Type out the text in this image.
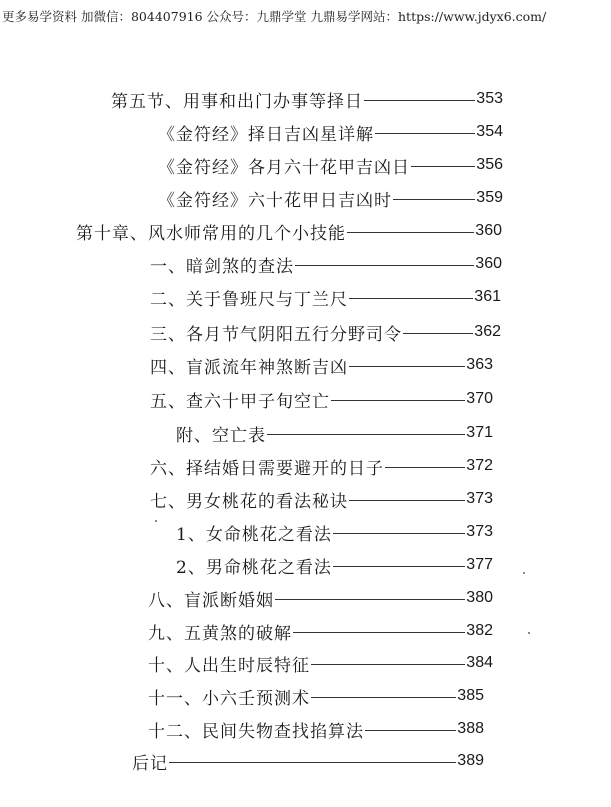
更多易学资料 加微信：804407916 公众号：九鼎学堂 九鼎易学网站：https://www.jdyx6.com/
第五节、用事和出门办事等择日	353
《金符经》择日吉凶星详解	354
《金符经》各月六十花甲吉凶日	356
《金符经》六十花甲日吉凶时	359
第十章、风水师常用的几个小技能	360
一、暗剑煞的查法	360
二、关于鲁班尺与丁兰尺	361
三、各月节气阴阳五行分野司令	362
四、盲派流年神煞断吉凶	363
五、查六十甲子旬空亡	370
附、空亡表	371
六、择结婚日需要避开的日子	372
七、男女桃花的看法秘诀	373
1、女命桃花之看法	373
2、男命桃花之看法	377
八、盲派断婚姻	380
九、五黄煞的破解	382
十、人出生时辰特征	384
十一、小六壬预测术	385
十二、民间失物查找掐算法	388
后记	389
